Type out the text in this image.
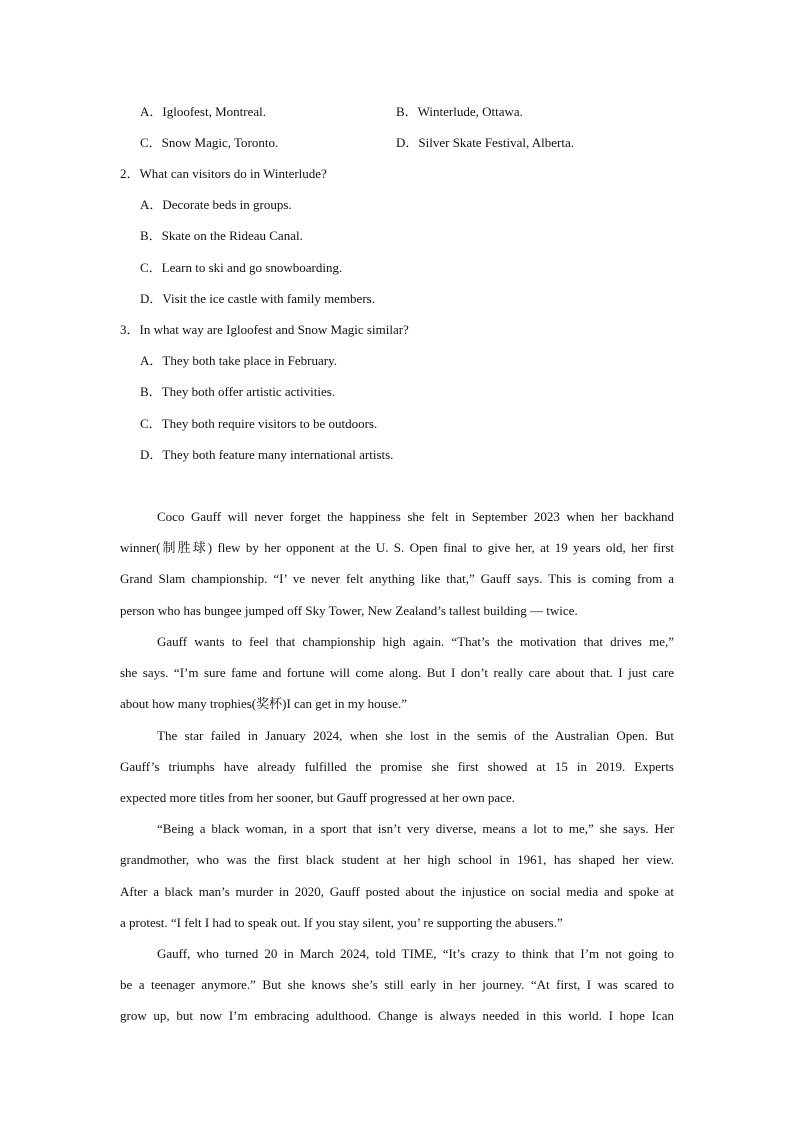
A．Igloofest, Montreal.	B．Winterlude, Ottawa.
C．Snow Magic, Toronto.	D．Silver Skate Festival, Alberta.
2．What can visitors do in Winterlude?
A．Decorate beds in groups.
B．Skate on the Rideau Canal.
C．Learn to ski and go snowboarding.
D．Visit the ice castle with family members.
3．In what way are Igloofest and Snow Magic similar?
A．They both take place in February.
B．They both offer artistic activities.
C．They both require visitors to be outdoors.
D．They both feature many international artists.
Coco Gauff will never forget the happiness she felt in September 2023 when her backhand
winner(制胜球) flew by her opponent at the U. S. Open final to give her, at 19 years old, her first
Grand Slam championship. “I’ ve never felt anything like that,” Gauff says. This is coming from a
person who has bungee jumped off Sky Tower, New Zealand’s tallest building — twice.
Gauff wants to feel that championship high again. “That’s the motivation that drives me,”
she says. “I’m sure fame and fortune will come along. But I don’t really care about that. I just care
about how many trophies(奖杯)I can get in my house.”
The star failed in January 2024, when she lost in the semis of the Australian Open. But
Gauff’s triumphs have already fulfilled the promise she first showed at 15 in 2019. Experts
expected more titles from her sooner, but Gauff progressed at her own pace.
“Being a black woman, in a sport that isn’t very diverse, means a lot to me,” she says. Her
grandmother, who was the first black student at her high school in 1961, has shaped her view.
After a black man’s murder in 2020, Gauff posted about the injustice on social media and spoke at
a protest. “I felt I had to speak out. If you stay silent, you’ re supporting the abusers.”
Gauff, who turned 20 in March 2024, told TIME, “It’s crazy to think that I’m not going to
be a teenager anymore.” But she knows she’s still early in her journey. “At first, I was scared to
grow up, but now I’m embracing adulthood. Change is always needed in this world. I hope Ican
